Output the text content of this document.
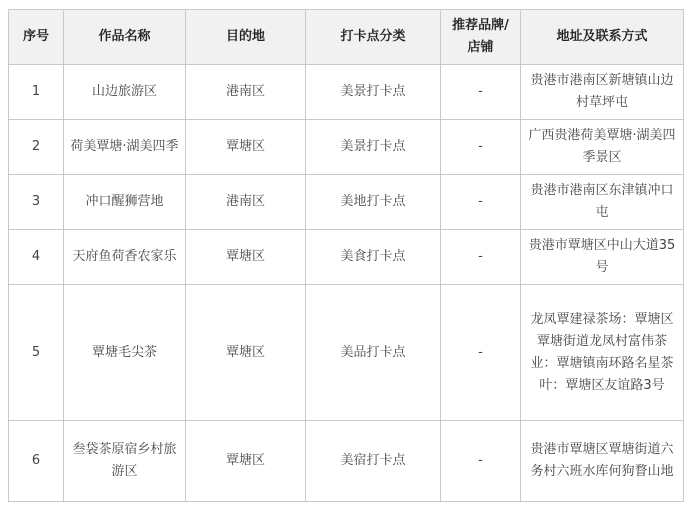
序号	作品名称	目的地	打卡点分类	推荐品牌/店铺	地址及联系方式
1	山边旅游区	港南区	美景打卡点	-	贵港市港南区新塘镇山边村草坪屯
2	荷美覃塘·湖美四季	覃塘区	美景打卡点	-	广西贵港荷美覃塘·湖美四季景区
3	冲口醒狮营地	港南区	美地打卡点	-	贵港市港南区东津镇冲口屯
4	天府鱼荷香农家乐	覃塘区	美食打卡点	-	贵港市覃塘区中山大道35号
5	覃塘毛尖茶	覃塘区	美品打卡点	-	龙凤覃建禄茶场：覃塘区覃塘街道龙凤村富伟茶业：覃塘镇南环路名星茶叶：覃塘区友谊路3号
6	叁袋茶原宿乡村旅游区	覃塘区	美宿打卡点	-	贵港市覃塘区覃塘街道六务村六班水库何狗瞀山地
